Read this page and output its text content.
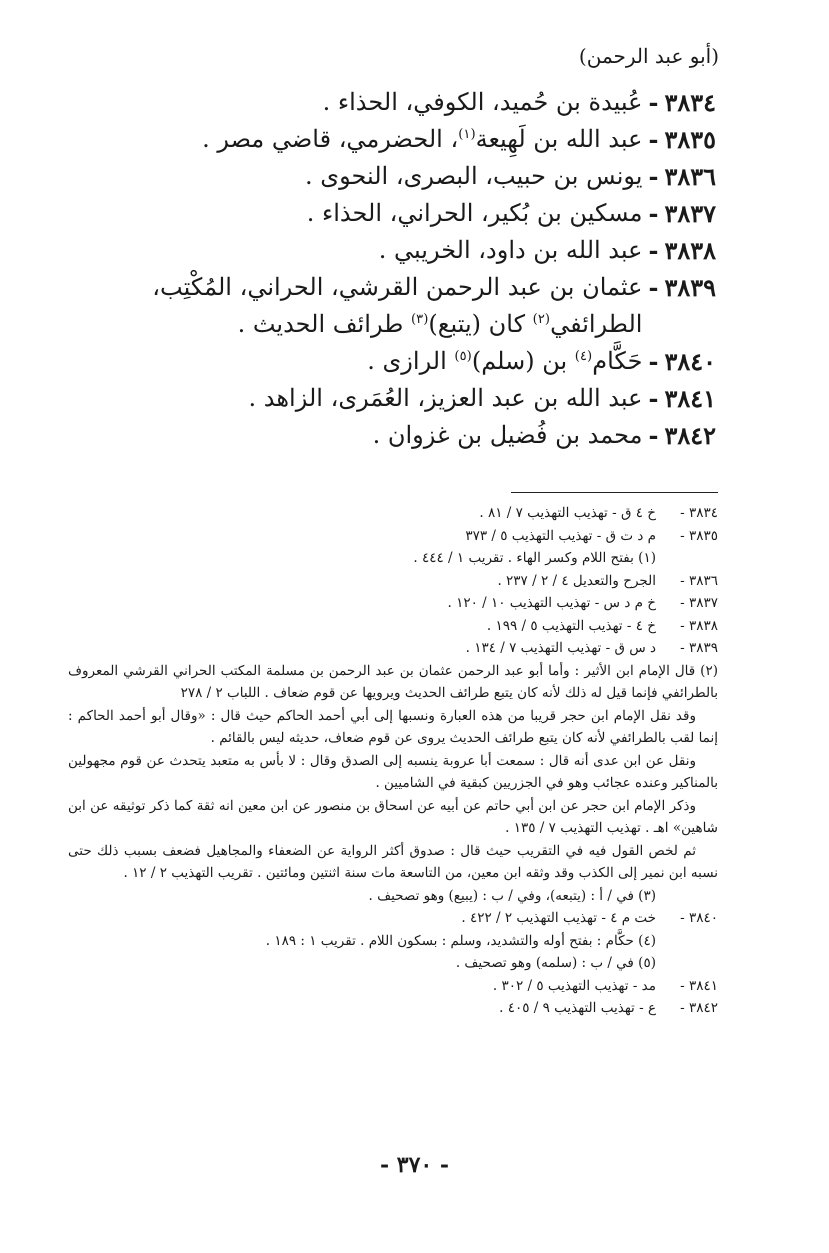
(أبو عبد الرحمن)
٣٨٣٤
-
عُبيدة بن حُميد، الكوفي، الحذاء .
٣٨٣٥
-
عبد الله بن لَهِيعة$^{(١)}$، الحضرمي، قاضي مصر .
٣٨٣٦
-
يونس بن حبيب، البصرى، النحوى .
٣٨٣٧
-
مسكين بن بُكير، الحراني، الحذاء .
٣٨٣٨
-
عبد الله بن داود، الخريبي .
٣٨٣٩
-
عثمان بن عبد الرحمن القرشي، الحراني، المُكْتِب، الطرائفي$^{(٢)}$ كان (يتبع)$^{(٣)}$ طرائف الحديث .
٣٨٤٠
-
حَكَّام$^{(٤)}$ بن (سلم)$^{(٥)}$ الرازى .
٣٨٤١
-
عبد الله بن عبد العزيز، العُمَرى، الزاهد .
٣٨٤٢
-
محمد بن فُضيل بن غزوان .
٣٨٣٤ -
خ ٤ ق - تهذيب التهذيب ٧ / ٨١ .
٣٨٣٥ -
م د ت ق - تهذيب التهذيب ٥ / ٣٧٣
(١) بفتح اللام وكسر الهاء . تقريب ١ / ٤٤٤ .
٣٨٣٦ -
الجرح والتعديل ٤ / ٢ / ٢٣٧ .
٣٨٣٧ -
خ م د س - تهذيب التهذيب ١٠ / ١٢٠ .
٣٨٣٨ -
خ ٤ - تهذيب التهذيب ٥ / ١٩٩ .
٣٨٣٩ -
د س ق - تهذيب التهذيب ٧ / ١٣٤ .
(٢) قال الإمام ابن الأثير : وأما أبو عبد الرحمن عثمان بن عبد الرحمن بن مسلمة المكتب الحراني القرشي المعروف بالطرائفي فإنما قيل له ذلك لأنه كان يتبع طرائف الحديث ويرويها عن قوم ضعاف . اللباب ٢ / ٢٧٨
وقد نقل الإمام ابن حجر قريبا من هذه العبارة ونسبها إلى أبي أحمد الحاكم حيث قال : «وقال أبو أحمد الحاكم : إنما لقب بالطرائفي لأنه كان يتبع طرائف الحديث يروى عن قوم ضعاف، حديثه ليس بالقائم .
ونقل عن ابن عدى أنه قال : سمعت أبا عروبة ينسبه إلى الصدق وقال : لا بأس به متعبد يتحدث عن قوم مجهولين بالمناكير وعنده عجائب وهو في الجزريين كبقية في الشاميين .
وذكر الإمام ابن حجر عن ابن أبي حاتم عن أبيه عن اسحاق بن منصور عن ابن معين انه ثقة كما ذكر توثيقه عن ابن شاهين» اهـ . تهذيب التهذيب ٧ / ١٣٥ .
ثم لخص القول فيه في التقريب حيث قال : صدوق أكثر الرواية عن الضعفاء والمجاهيل فضعف بسبب ذلك حتى نسبه ابن نمير إلى الكذب وقد وثقه ابن معين، من التاسعة مات سنة اثنتين ومائتين . تقريب التهذيب ٢ / ١٢ .
(٣) في / أ : (يتبعه)، وفي / ب : (يبيع) وهو تصحيف .
٣٨٤٠ -
خت م ٤ - تهذيب التهذيب ٢ / ٤٢٢ .
(٤) حكَّام : بفتح أوله والتشديد، وسلم : بسكون اللام . تقريب ١ : ١٨٩ .
(٥) في / ب : (سلمه) وهو تصحيف .
٣٨٤١ -
مد - تهذيب التهذيب ٥ / ٣٠٢ .
٣٨٤٢ -
ع - تهذيب التهذيب ٩ / ٤٠٥ .
- ٣٧٠ -
